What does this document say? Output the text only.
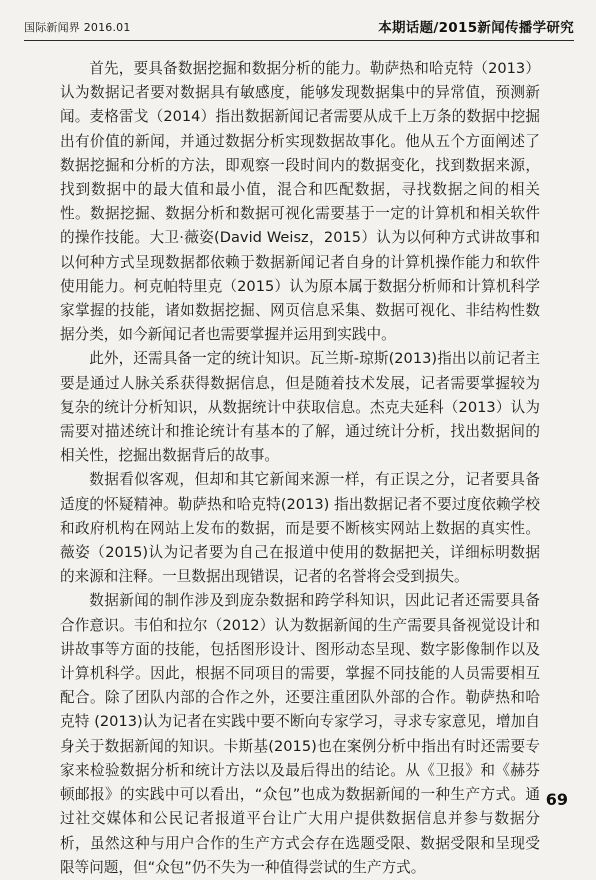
国际新闻界 2016.01	本期话题/2015新闻传播学研究

首先，要具备数据挖掘和数据分析的能力。勒萨热和哈克特（2013）认为数据记者要对数据具有敏感度，能够发现数据集中的异常值，预测新闻。麦格雷戈（2014）指出数据新闻记者需要从成千上万条的数据中挖掘出有价值的新闻，并通过数据分析实现数据故事化。他从五个方面阐述了数据挖掘和分析的方法，即观察一段时间内的数据变化，找到数据来源，找到数据中的最大值和最小值，混合和匹配数据，寻找数据之间的相关性。数据挖掘、数据分析和数据可视化需要基于一定的计算机和相关软件的操作技能。大卫·薇姿(David Weisz，2015）认为以何种方式讲故事和以何种方式呈现数据都依赖于数据新闻记者自身的计算机操作能力和软件使用能力。柯克帕特里克（2015）认为原本属于数据分析师和计算机科学家掌握的技能，诸如数据挖掘、网页信息采集、数据可视化、非结构性数据分类，如今新闻记者也需要掌握并运用到实践中。

此外，还需具备一定的统计知识。瓦兰斯-琼斯(2013)指出以前记者主要是通过人脉关系获得数据信息，但是随着技术发展，记者需要掌握较为复杂的统计分析知识，从数据统计中获取信息。杰克夫延科（2013）认为需要对描述统计和推论统计有基本的了解，通过统计分析，找出数据间的相关性，挖掘出数据背后的故事。

数据看似客观，但却和其它新闻来源一样，有正误之分，记者要具备适度的怀疑精神。勒萨热和哈克特(2013) 指出数据记者不要过度依赖学校和政府机构在网站上发布的数据，而是要不断核实网站上数据的真实性。薇姿（2015)认为记者要为自己在报道中使用的数据把关，详细标明数据的来源和注释。一旦数据出现错误，记者的名誉将会受到损失。

数据新闻的制作涉及到庞杂数据和跨学科知识，因此记者还需要具备合作意识。韦伯和拉尔（2012）认为数据新闻的生产需要具备视觉设计和讲故事等方面的技能，包括图形设计、图形动态呈现、数字影像制作以及计算机科学。因此，根据不同项目的需要，掌握不同技能的人员需要相互配合。除了团队内部的合作之外，还要注重团队外部的合作。勒萨热和哈克特 (2013)认为记者在实践中要不断向专家学习，寻求专家意见，增加自身关于数据新闻的知识。卡斯基(2015)也在案例分析中指出有时还需要专家来检验数据分析和统计方法以及最后得出的结论。从《卫报》和《赫芬顿邮报》的实践中可以看出，“众包”也成为数据新闻的一种生产方式。通过社交媒体和公民记者报道平台让广大用户提供数据信息并参与数据分析，虽然这种与用户合作的生产方式会存在选题受限、数据受限和呈现受限等问题，但“众包”仍不失为一种值得尝试的生产方式。

69
